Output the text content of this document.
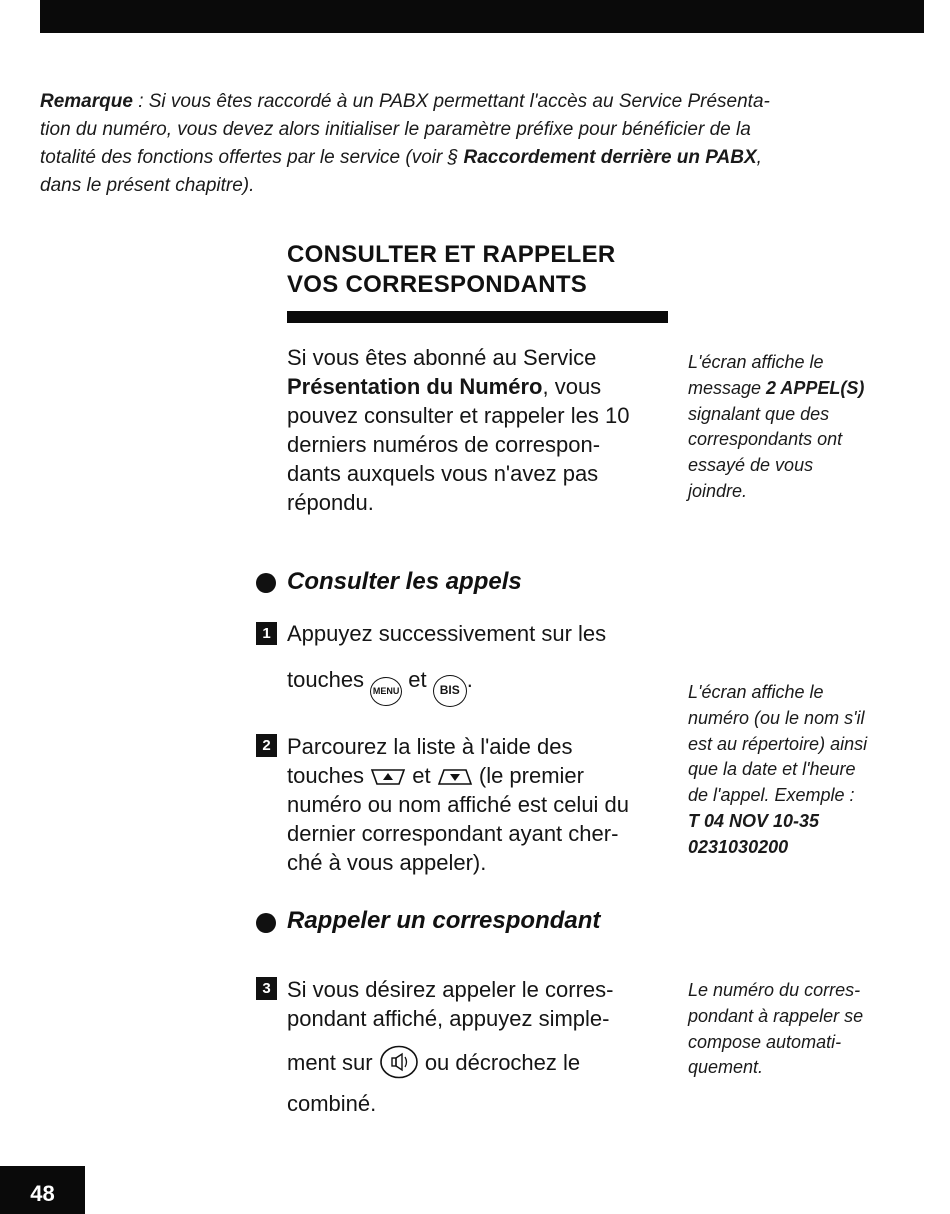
Remarque : Si vous êtes raccordé à un PABX permettant l'accès au Service Présenta-
tion du numéro, vous devez alors initialiser le paramètre préfixe pour bénéficier de la
totalité des fonctions offertes par le service (voir § Raccordement derrière un PABX,
dans le présent chapitre).
CONSULTER ET RAPPELER
VOS CORRESPONDANTS
Si vous êtes abonné au Service
Présentation du Numéro, vous
pouvez consulter et rappeler les 10
derniers numéros de correspon-
dants auxquels vous n'avez pas
répondu.
L'écran affiche le
message 2 APPEL(S)
signalant que des
correspondants ont
essayé de vous
joindre.
Consulter les appels
1 Appuyez successivement sur les
touches MENU et BIS .
2 Parcourez la liste à l'aide des
touches  et  (le premier
numéro ou nom affiché est celui du
dernier correspondant ayant cher-
ché à vous appeler).
L'écran affiche le
numéro (ou le nom s'il
est au répertoire) ainsi
que la date et l'heure
de l'appel. Exemple :
T 04 NOV 10-35
0231030200
Rappeler un correspondant
3 Si vous désirez appeler le corres-
pondant affiché, appuyez simple-
ment sur  ou décrochez le
combiné.
Le numéro du corres-
pondant à rappeler se
compose automati-
quement.
48
